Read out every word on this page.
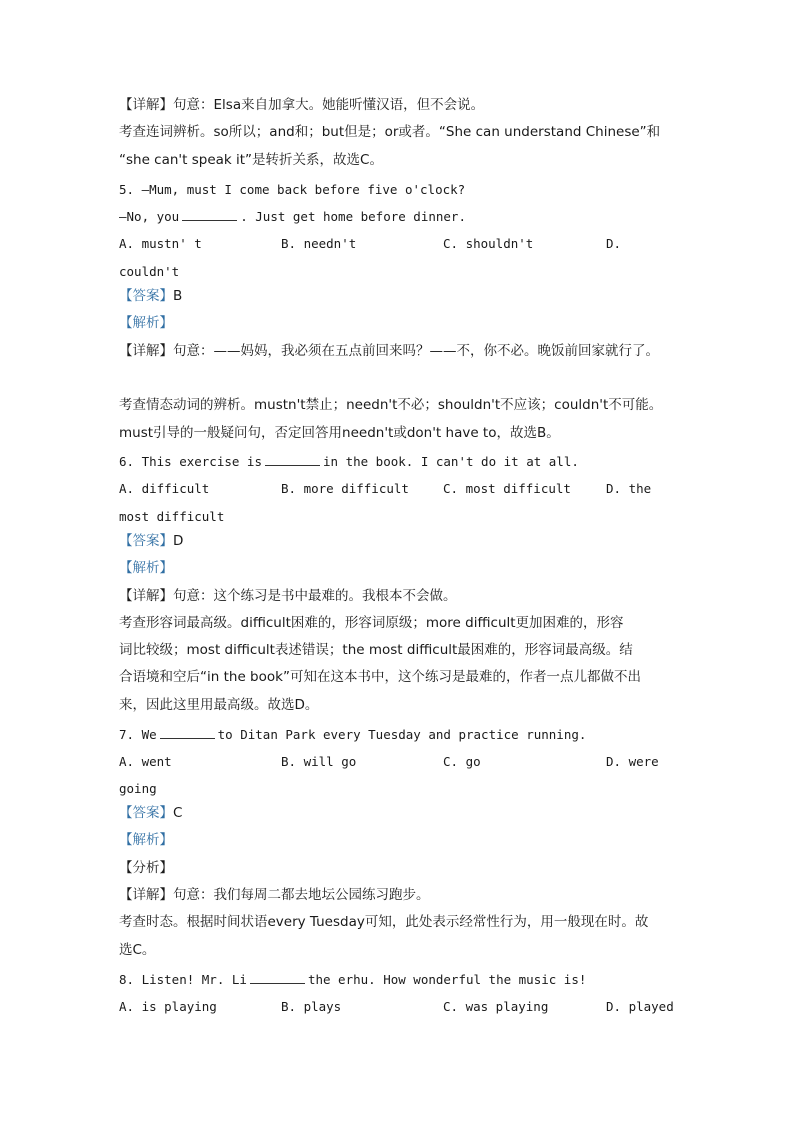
【详解】句意：Elsa来自加拿大。她能听懂汉语，但不会说。
考查连词辨析。so所以；and和；but但是；or或者。“She can understand Chinese”和
“she can't speak it”是转折关系，故选C。
5. —Mum, must I come back before five o'clock?
—No, you	. Just get home before dinner.
A. mustn' t	B. needn't	C. shouldn't	D.
couldn't
【答案】B
【解析】
【详解】句意：——妈妈，我必须在五点前回来吗？——不，你不必。晚饭前回家就行了。
考查情态动词的辨析。mustn't禁止；needn't不必；shouldn't不应该；couldn't不可能。
must引导的一般疑问句，否定回答用needn't或don't have to，故选B。
6. This exercise is	in the book. I can't do it at all.
A. difficult	B. more difficult	C. most difficult	D. the
most difficult
【答案】D
【解析】
【详解】句意：这个练习是书中最难的。我根本不会做。
考查形容词最高级。difficult困难的，形容词原级；more difficult更加困难的，形容
词比较级；most difficult表述错误；the most difficult最困难的，形容词最高级。结
合语境和空后“in the book”可知在这本书中，这个练习是最难的，作者一点儿都做不出
来，因此这里用最高级。故选D。
7. We	to Ditan Park every Tuesday and practice running.
A. went	B. will go	C. go	D. were
going
【答案】C
【解析】
【分析】
【详解】句意：我们每周二都去地坛公园练习跑步。
考查时态。根据时间状语every Tuesday可知，此处表示经常性行为，用一般现在时。故
选C。
8. Listen! Mr. Li	the erhu. How wonderful the music is!
A. is playing	B. plays	C. was playing	D. played
